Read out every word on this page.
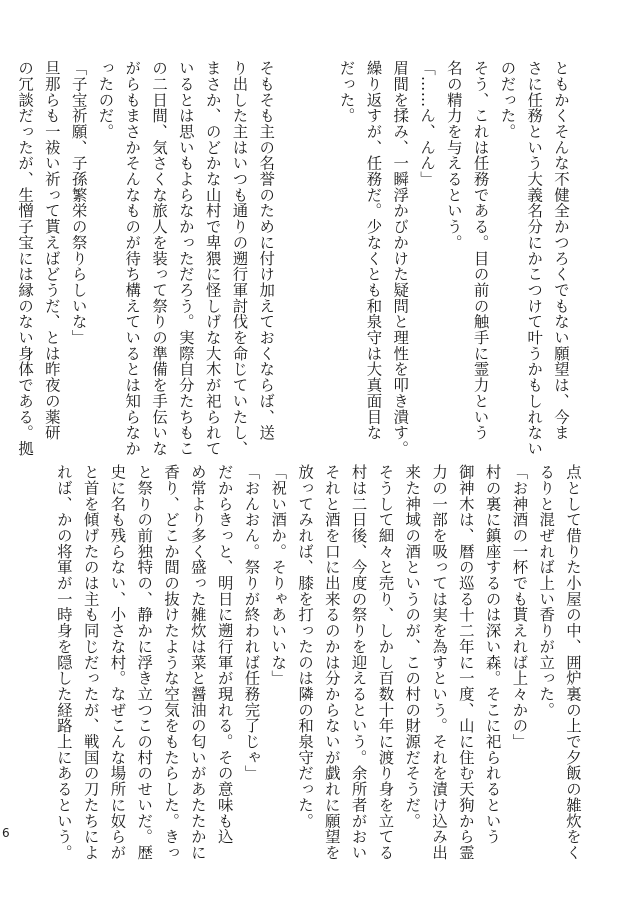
ともかくそんな不健全かつろくでもない願望は、今ま

さに任務という大義名分にかこつけて叶うかもしれない

のだった。

そう、これは任務である。目の前の触手に霊力という

名の精力を与えるという。

「……ん、んん」

眉間を揉み、一瞬浮かびかけた疑問と理性を叩き潰す。

繰り返すが、任務だ。少なくとも和泉守は大真面目な

だった。

そもそも主の名誉のために付け加えておくならば、送

り出した主はいつも通りの遡行軍討伐を命じていたし、

まさか、のどかな山村で卑猥に怪しげな大木が祀られて

いるとは思いもよらなかっただろう。実際自分たちもこ

の二日間、気さくな旅人を装って祭りの準備を手伝いな

がらもまさかそんなものが待ち構えているとは知らなか

ったのだ。

「子宝祈願、子孫繁栄の祭りらしいな」

旦那らも一祓い祈って貰えばどうだ、とは昨夜の薬研

の冗談だったが、生憎子宝には縁のない身体である。拠

点として借りた小屋の中、囲炉裏の上で夕飯の雑炊をく

るりと混ぜれば上い香りが立った。

「お神酒の一杯でも貰えれば上々かの」

村の裏に鎮座するのは深い森。そこに祀られるという

御神木は、暦の巡る十二年に一度、山に住む天狗から霊

力の一部を吸っては実を為すという。それを漬け込み出

来た神域の酒というのが、この村の財源だそうだ。

そうして細々と売り、しかし百数十年に渡り身を立てる

村は二日後、今度の祭りを迎えるという。余所者がおい

それと酒を口に出来るのかは分からないが戯れに願望を

放ってみれば、膝を打ったのは隣の和泉守だった。

「祝い酒か。そりゃあいいな」

「おんおん。祭りが終われば任務完了じゃ」

だからきっと、明日に遡行軍が現れる。その意味も込

め常より多く盛った雑炊は菜と醤油の匂いがあたたかに

香り、どこか間の抜けたような空気をもたらした。きっ

と祭りの前独特の、静かに浮き立つこの村のせいだ。歴

史に名も残らない、小さな村。なぜこんな場所に奴らが

と首を傾げたのは主も同じだったが、戦国の刀たちによ

れば、かの将軍が一時身を隠した経路上にあるという。

6
